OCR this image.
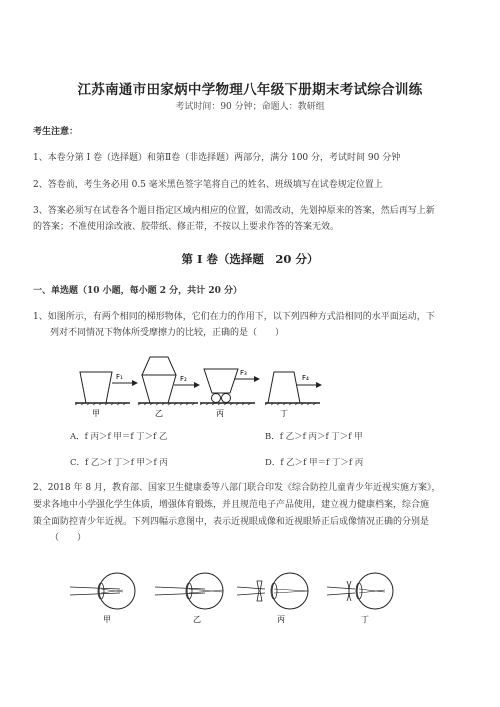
江苏南通市田家炳中学物理八年级下册期末考试综合训练
考试时间：90 分钟；命题人：教研组
考生注意：
1、本卷分第 I 卷（选择题）和第Ⅱ卷（非选择题）两部分，满分 100 分，考试时间 90 分钟
2、答卷前，考生务必用 0.5 毫米黑色签字笔将自己的姓名、班级填写在试卷规定位置上
3、答案必须写在试卷各个题目指定区域内相应的位置，如需改动，先划掉原来的答案，然后再写上新
的答案；不准使用涂改液、胶带纸、修正带，不按以上要求作答的答案无效。
第 I 卷（选择题　20 分）
一、单选题（10 小题，每小题 2 分，共计 20 分）
1、如图所示，有两个相同的梯形物体，它们在力的作用下，以下列四种方式沿相同的水平面运动，下
列对不同情况下物体所受摩擦力的比较，正确的是（　　）
F₁
甲
F₂
乙
F₃
丙
F₄
丁
A．f 丙＞f 甲＝f 丁＞f 乙	B．f 乙＞f 丙＞f 丁＞f 甲
C．f 乙＞f 丁＞f 甲＞f 丙	D．f 乙＞f 甲＝f 丁＞f 丙
2、2018 年 8 月，教育部、国家卫生健康委等八部门联合印发《综合防控儿童青少年近视实施方案》，
要求各地中小学强化学生体质，增强体育锻炼，并且规范电子产品使用，建立视力健康档案，综合施
策全面防控青少年近视。下列四幅示意图中，表示近视眼成像和近视眼矫正后成像情况正确的分别是
（　　）
甲	乙	丙	丁
